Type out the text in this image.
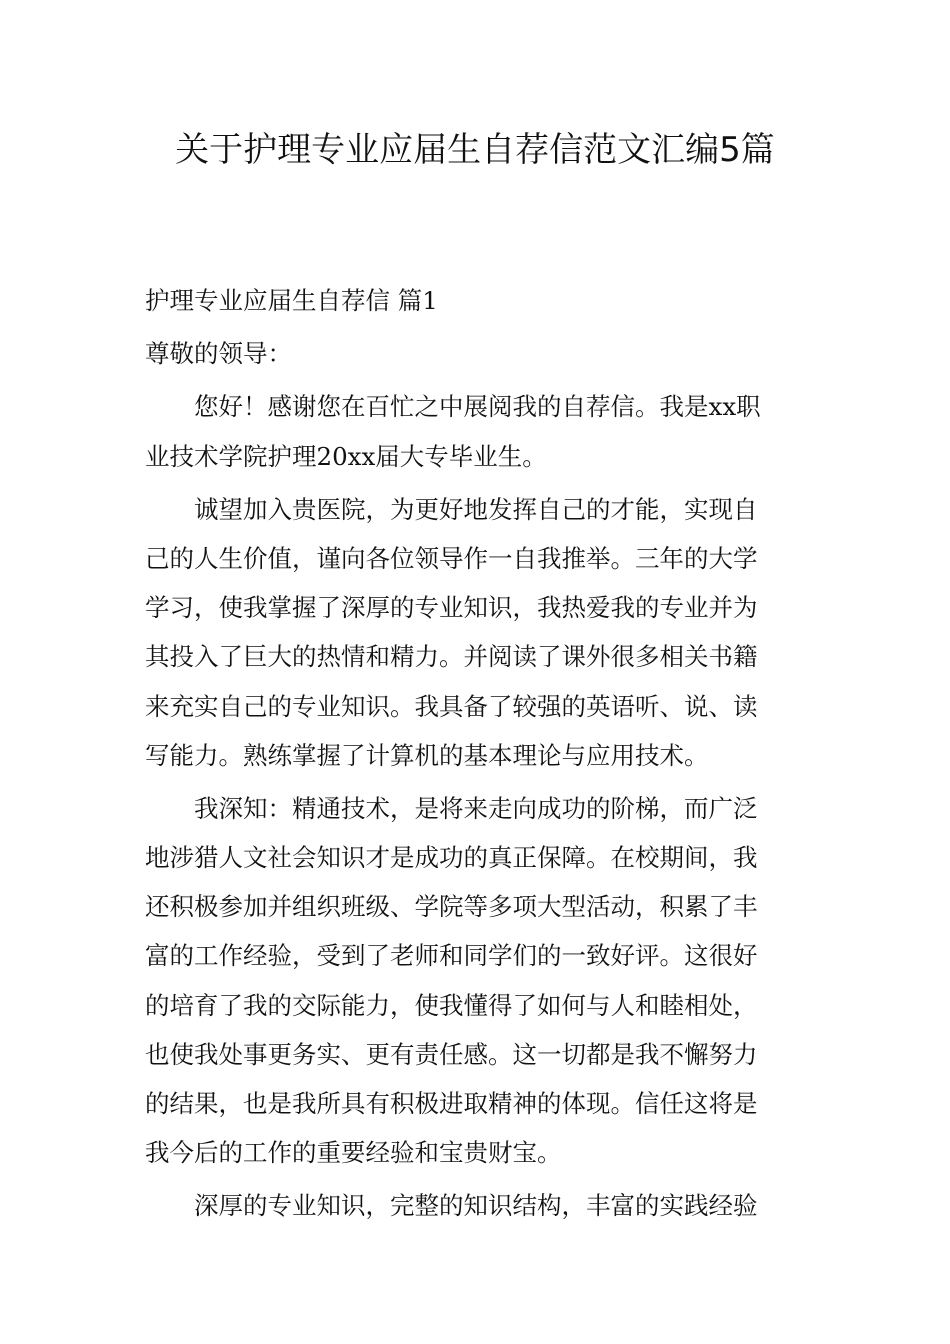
关于护理专业应届生自荐信范文汇编5篇

护理专业应届生自荐信 篇1

尊敬的领导：

　　您好！感谢您在百忙之中展阅我的自荐信。我是xx职

业技术学院护理20xx届大专毕业生。

　　诚望加入贵医院，为更好地发挥自己的才能，实现自

己的人生价值，谨向各位领导作一自我推举。三年的大学

学习，使我掌握了深厚的专业知识，我热爱我的专业并为

其投入了巨大的热情和精力。并阅读了课外很多相关书籍

来充实自己的专业知识。我具备了较强的英语听、说、读

写能力。熟练掌握了计算机的基本理论与应用技术。

　　我深知：精通技术，是将来走向成功的阶梯，而广泛

地涉猎人文社会知识才是成功的真正保障。在校期间，我

还积极参加并组织班级、学院等多项大型活动，积累了丰

富的工作经验，受到了老师和同学们的一致好评。这很好

的培育了我的交际能力，使我懂得了如何与人和睦相处，

也使我处事更务实、更有责任感。这一切都是我不懈努力

的结果，也是我所具有积极进取精神的体现。信任这将是

我今后的工作的重要经验和宝贵财宝。

　　深厚的专业知识，完整的知识结构，丰富的实践经验
